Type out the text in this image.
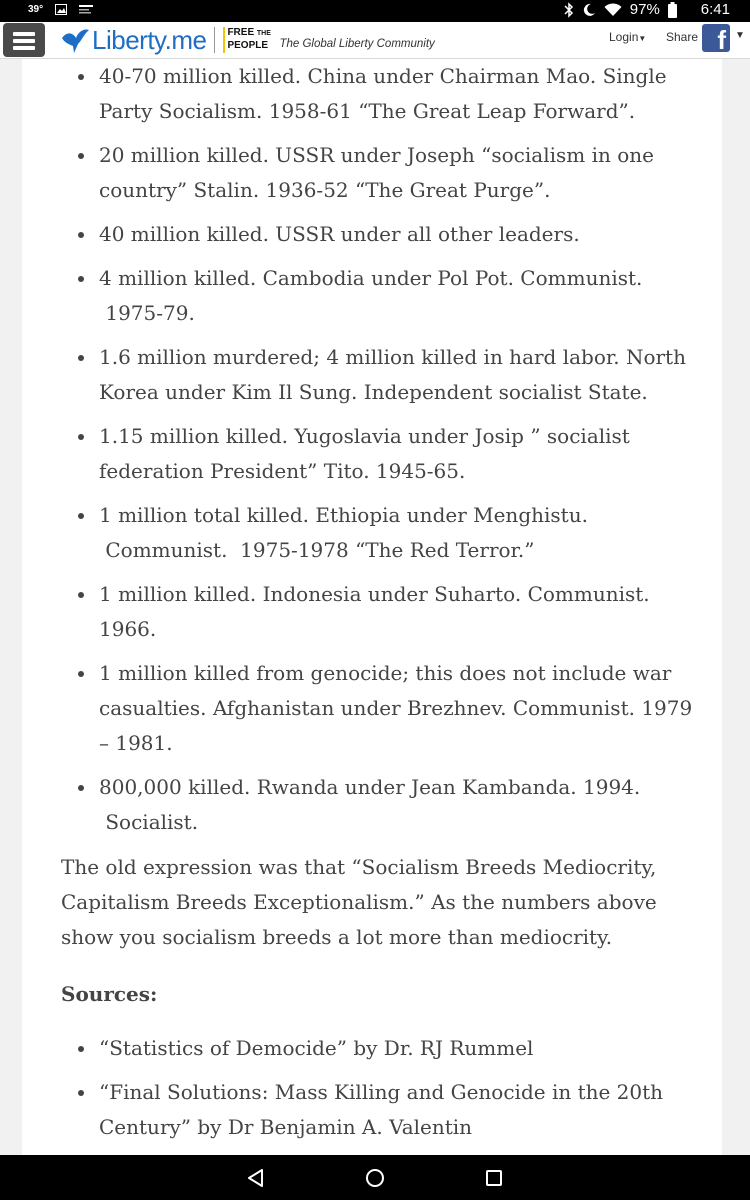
39°	97%	6:41
Liberty.me FREE THE
PEOPLE The Global Liberty Community	Login▼ Share f ▼
40-70 million killed. China under Chairman Mao. Single
Party Socialism. 1958-61 “The Great Leap Forward”.
20 million killed. USSR under Joseph “socialism in one
country” Stalin. 1936-52 “The Great Purge”.
40 million killed. USSR under all other leaders.
4 million killed. Cambodia under Pol Pot. Communist.
1975-79.
1.6 million murdered; 4 million killed in hard labor. North
Korea under Kim Il Sung. Independent socialist State.
1.15 million killed. Yugoslavia under Josip ” socialist
federation President” Tito. 1945-65.
1 million total killed. Ethiopia under Menghistu.
Communist.  1975-1978 “The Red Terror.”
1 million killed. Indonesia under Suharto. Communist.
1966.
1 million killed from genocide; this does not include war
casualties. Afghanistan under Brezhnev. Communist. 1979
– 1981.
800,000 killed. Rwanda under Jean Kambanda. 1994.
Socialist.
The old expression was that “Socialism Breeds Mediocrity,
Capitalism Breeds Exceptionalism.” As the numbers above
show you socialism breeds a lot more than mediocrity.
Sources:
“Statistics of Democide” by Dr. RJ Rummel
“Final Solutions: Mass Killing and Genocide in the 20th
Century” by Dr Benjamin A. Valentin
